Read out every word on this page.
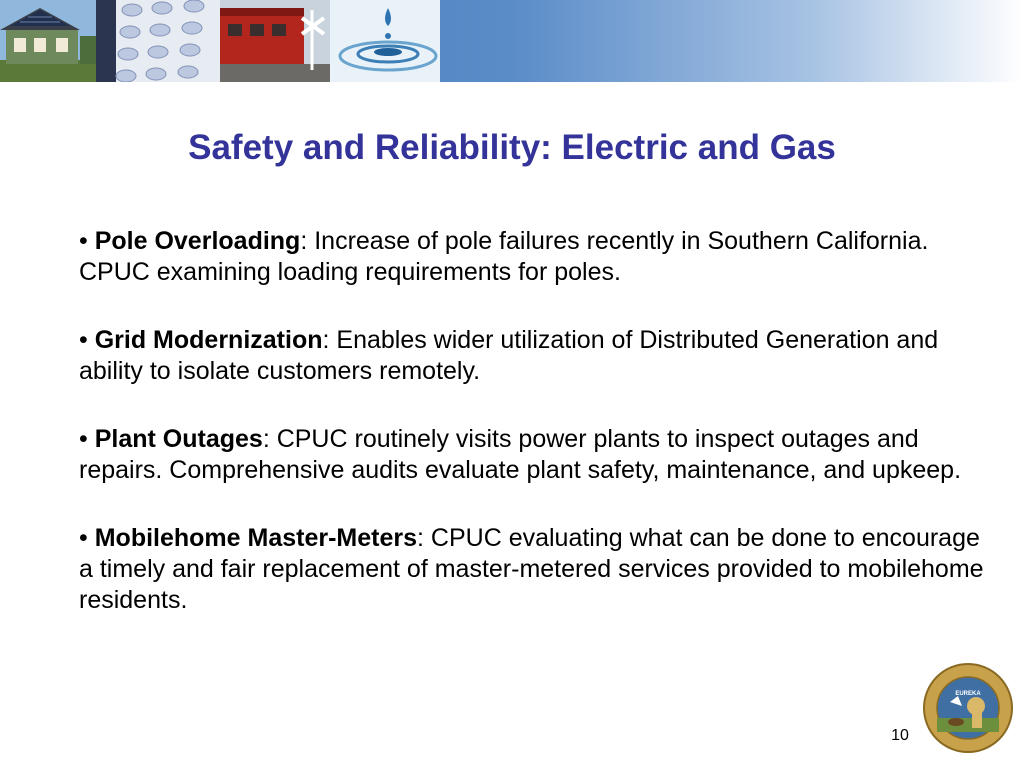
Safety and Reliability: Electric and Gas
• Pole Overloading: Increase of pole failures recently in Southern California. CPUC examining loading requirements for poles.
• Grid Modernization: Enables wider utilization of Distributed Generation and ability to isolate customers remotely.
• Plant Outages: CPUC routinely visits power plants to inspect outages and repairs. Comprehensive audits evaluate plant safety, maintenance, and upkeep.
• Mobilehome Master-Meters: CPUC evaluating what can be done to encourage a timely and fair replacement of master-metered services provided to mobilehome residents.
EUREKA
10
